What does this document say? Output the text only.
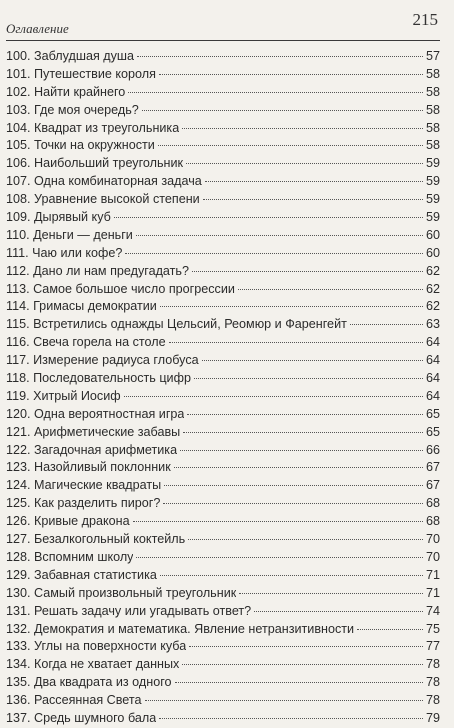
Оглавление	215
100. Заблудшая душа	57
101. Путешествие короля	58
102. Найти крайнего	58
103. Где моя очередь?	58
104. Квадрат из треугольника	58
105. Точки на окружности	58
106. Наибольший треугольник	59
107. Одна комбинаторная задача	59
108. Уравнение высокой степени	59
109. Дырявый куб	59
110. Деньги — деньги	60
111. Чаю или кофе?	60
112. Дано ли нам предугадать?	62
113. Самое большое число прогрессии	62
114. Гримасы демократии	62
115. Встретились однажды Цельсий, Реомюр и Фаренгейт	63
116. Свеча горела на столе	64
117. Измерение радиуса глобуса	64
118. Последовательность цифр	64
119. Хитрый Иосиф	64
120. Одна вероятностная игра	65
121. Арифметические забавы	65
122. Загадочная арифметика	66
123. Назойливый поклонник	67
124. Магические квадраты	67
125. Как разделить пирог?	68
126. Кривые дракона	68
127. Безалкогольный коктейль	70
128. Вспомним школу	70
129. Забавная статистика	71
130. Самый произвольный треугольник	71
131. Решать задачу или угадывать ответ?	74
132. Демократия и математика. Явление нетранзитивности	75
133. Углы на поверхности куба	77
134. Когда не хватает данных	78
135. Два квадрата из одного	78
136. Рассеянная Света	78
137. Средь шумного бала	79
